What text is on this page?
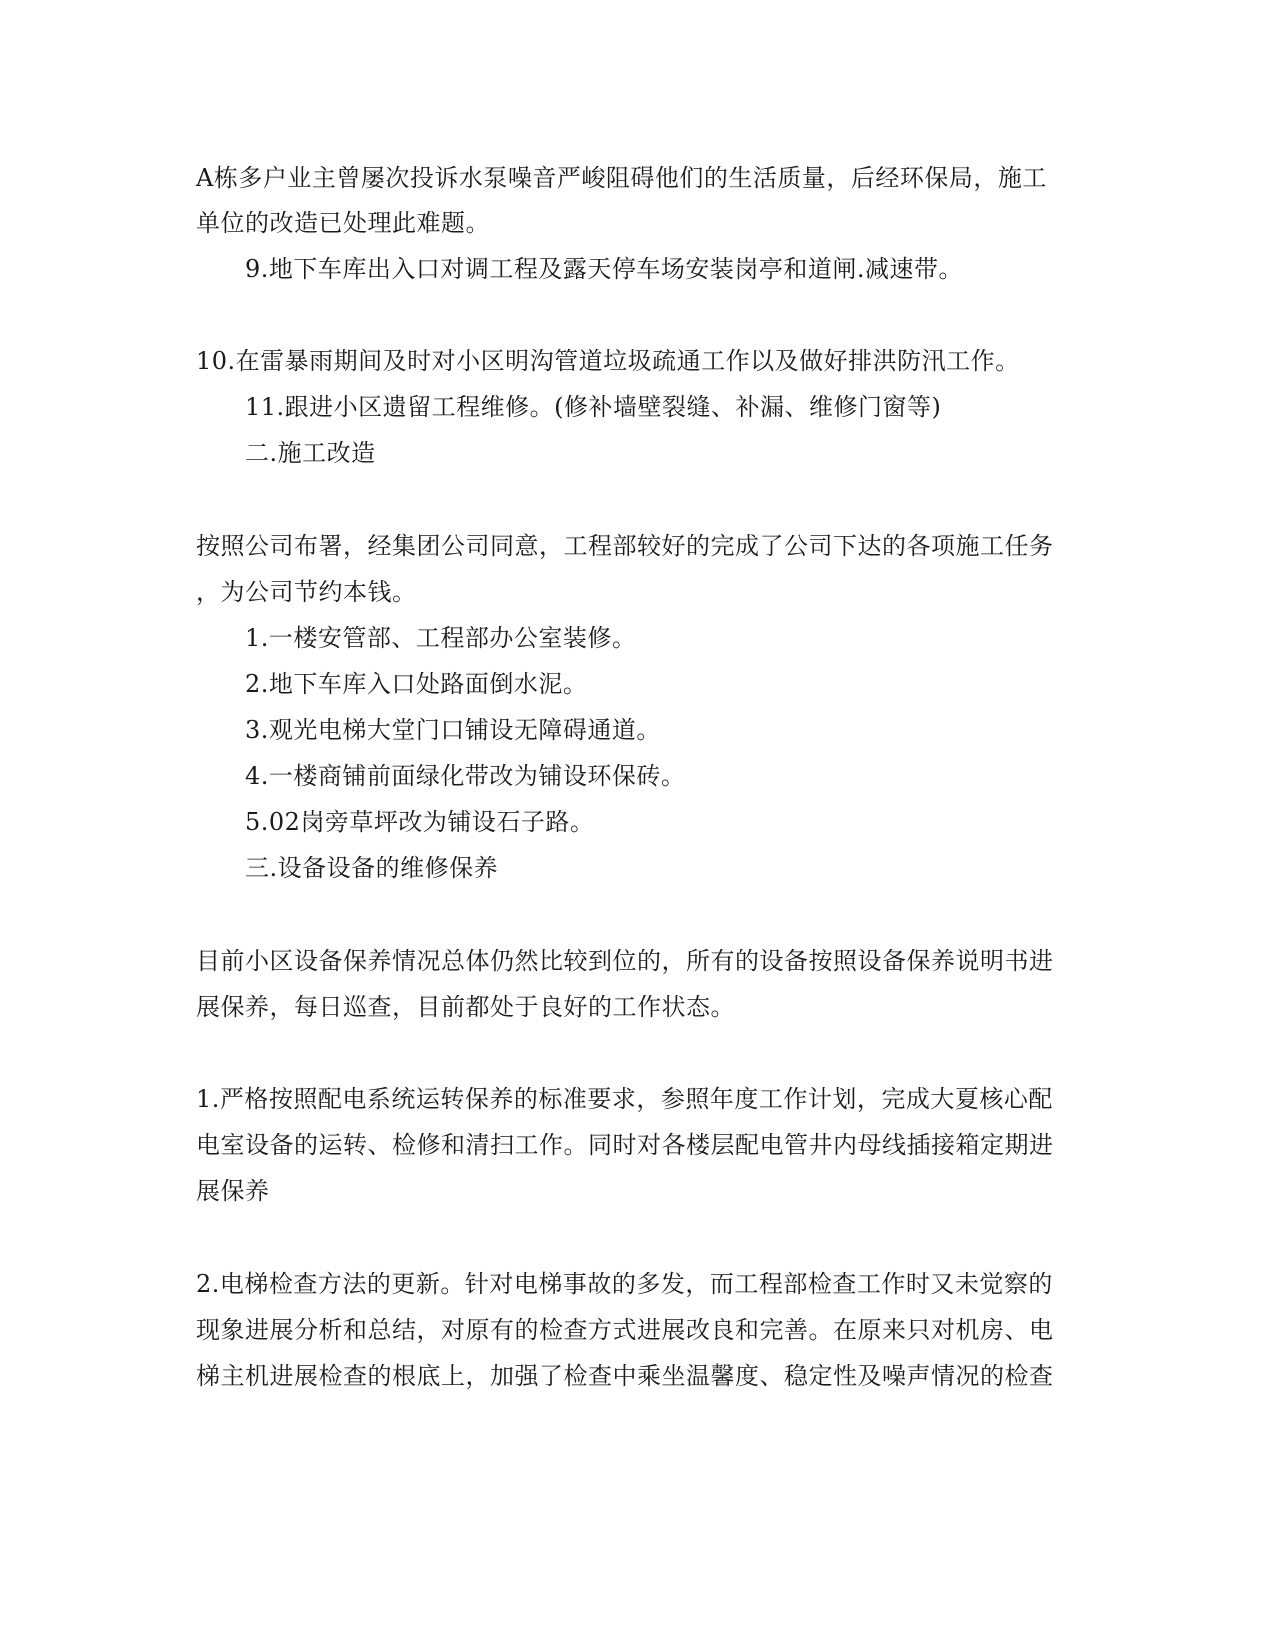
A栋多户业主曾屡次投诉水泵噪音严峻阻碍他们的生活质量，后经环保局，施工
单位的改造已处理此难题。
9.地下车库出入口对调工程及露天停车场安装岗亭和道闸.减速带。
10.在雷暴雨期间及时对小区明沟管道垃圾疏通工作以及做好排洪防汛工作。
11.跟进小区遗留工程维修。(修补墙壁裂缝、补漏、维修门窗等)
二.施工改造
按照公司布署，经集团公司同意，工程部较好的完成了公司下达的各项施工任务
，为公司节约本钱。
1.一楼安管部、工程部办公室装修。
2.地下车库入口处路面倒水泥。
3.观光电梯大堂门口铺设无障碍通道。
4.一楼商铺前面绿化带改为铺设环保砖。
5.02岗旁草坪改为铺设石子路。
三.设备设备的维修保养
目前小区设备保养情况总体仍然比较到位的，所有的设备按照设备保养说明书进
展保养，每日巡查，目前都处于良好的工作状态。
1.严格按照配电系统运转保养的标准要求，参照年度工作计划，完成大夏核心配
电室设备的运转、检修和清扫工作。同时对各楼层配电管井内母线插接箱定期进
展保养
2.电梯检查方法的更新。针对电梯事故的多发，而工程部检查工作时又未觉察的
现象进展分析和总结，对原有的检查方式进展改良和完善。在原来只对机房、电
梯主机进展检查的根底上，加强了检查中乘坐温馨度、稳定性及噪声情况的检查
